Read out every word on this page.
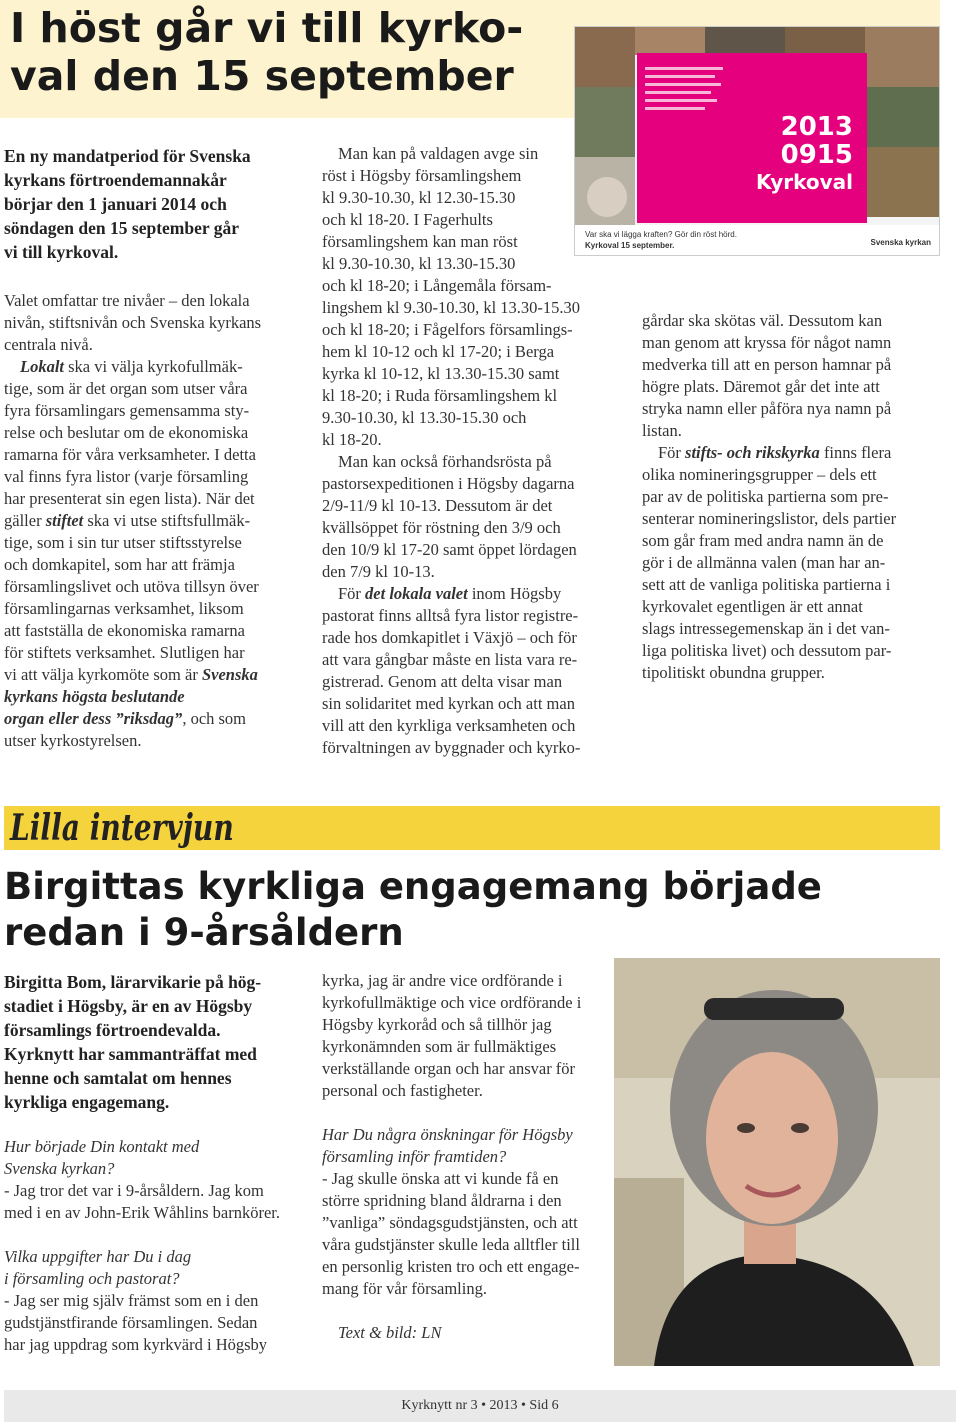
I höst går vi till kyrko-
val den 15 september
En ny mandatperiod för Svenska
kyrkans förtroendemannakår
börjar den 1 januari 2014 och
söndagen den 15 september går
vi till kyrkoval.
Valet omfattar tre nivåer – den lokala
nivån, stiftsnivån och Svenska kyrkans
centrala nivå.
Lokalt ska vi välja kyrkofullmäk-
tige, som är det organ som utser våra
fyra församlingars gemensamma sty-
relse och beslutar om de ekonomiska
ramarna för våra verksamheter. I detta
val finns fyra listor (varje församling
har presenterat sin egen lista). När det
gäller stiftet ska vi utse stiftsfullmäk-
tige, som i sin tur utser stiftsstyrelse
och domkapitel, som har att främja
församlingslivet och utöva tillsyn över
församlingarnas verksamhet, liksom
att fastställa de ekonomiska ramarna
för stiftets verksamhet. Slutligen har
vi att välja kyrkomöte som är Svenska
kyrkans högsta beslutande
organ eller dess ”riksdag”, och som
utser kyrkostyrelsen.
2013
0915
Kyrkoval
Var ska vi lägga kraften? Gör din röst hörd.
Kyrkoval 15 september.	Svenska kyrkan
Man kan på valdagen avge sin
röst i Högsby församlingshem
kl 9.30-10.30, kl 12.30-15.30
och kl 18-20. I Fagerhults
församlingshem kan man röst
kl 9.30-10.30, kl 13.30-15.30
och kl 18-20; i Långemåla försam-
lingshem kl 9.30-10.30, kl 13.30-15.30
och kl 18-20; i Fågelfors församlings-
hem kl 10-12 och kl 17-20; i Berga
kyrka kl 10-12, kl 13.30-15.30 samt
kl 18-20; i Ruda församlingshem kl
9.30-10.30, kl 13.30-15.30 och
kl 18-20.
Man kan också förhandsrösta på
pastorsexpeditionen i Högsby dagarna
2/9-11/9 kl 10-13. Dessutom är det
kvällsöppet för röstning den 3/9 och
den 10/9 kl 17-20 samt öppet lördagen
den 7/9 kl 10-13.
För det lokala valet inom Högsby
pastorat finns alltså fyra listor registre-
rade hos domkapitlet i Växjö – och för
att vara gångbar måste en lista vara re-
gistrerad. Genom att delta visar man
sin solidaritet med kyrkan och att man
vill att den kyrkliga verksamheten och
förvaltningen av byggnader och kyrko-
gårdar ska skötas väl. Dessutom kan
man genom att kryssa för något namn
medverka till att en person hamnar på
högre plats. Däremot går det inte att
stryka namn eller påföra nya namn på
listan.
För stifts- och rikskyrka finns flera
olika nomineringsgrupper – dels ett
par av de politiska partierna som pre-
senterar nomineringslistor, dels partier
som går fram med andra namn än de
gör i de allmänna valen (man har an-
sett att de vanliga politiska partierna i
kyrkovalet egentligen är ett annat
slags intressegemenskap än i det van-
liga politiska livet) och dessutom par-
tipolitiskt obundna grupper.
Lilla intervjun
Birgittas kyrkliga engagemang började
redan i 9-årsåldern
Birgitta Bom, lärarvikarie på hög-
stadiet i Högsby, är en av Högsby
församlings förtroendevalda.
Kyrknytt har sammanträffat med
henne och samtalat om hennes
kyrkliga engagemang.
Hur började Din kontakt med
Svenska kyrkan?
- Jag tror det var i 9-årsåldern. Jag kom
med i en av John-Erik Wåhlins barnkörer.
Vilka uppgifter har Du i dag
i församling och pastorat?
- Jag ser mig själv främst som en i den
gudstjänstfirande församlingen. Sedan
har jag uppdrag som kyrkvärd i Högsby
kyrka, jag är andre vice ordförande i
kyrkofullmäktige och vice ordförande i
Högsby kyrkoråd och så tillhör jag
kyrkonämnden som är fullmäktiges
verkställande organ och har ansvar för
personal och fastigheter.
Har Du några önskningar för Högsby
församling inför framtiden?
- Jag skulle önska att vi kunde få en
större spridning bland åldrarna i den
”vanliga” söndagsgudstjänsten, och att
våra gudstjänster skulle leda alltfler till
en personlig kristen tro och ett engage-
mang för vår församling.
Text & bild: LN
Kyrknytt nr 3 • 2013 • Sid 6
